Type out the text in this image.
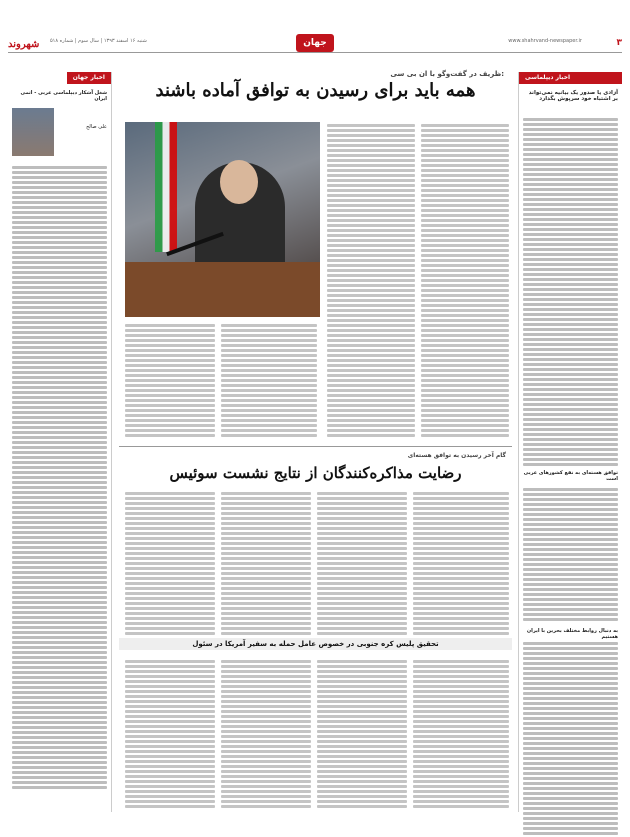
شنبه ۱۶ اسفند ۱۳۹۳ | سال سوم | شماره ۵۱۸	www.shahrvand-newspaper.ir
شهروند	۳
جهان
اخبار جهان
شغل آشکار دیپلماسی عربی - اتمی ایران
علی صالح
اخبار دیپلماسی
آزادی یا صدور یک بیانیه نمی‌تواند بر اشتباه خود سرپوش بگذارد
توافق هسته‌ای به نفع کشورهای عربی است
به دنبال روابط مختلف بحرین با ایران هستیم
ظریف در گفت‌وگو با ان بی سی:
همه باید برای رسیدن به توافق آماده باشند
گام آخر رسیدن به توافق هسته‌ای
رضایت مذاکره‌کنندگان از نتایج نشست سوئیس
تحقیق پلیس کره جنوبی در خصوص عامل حمله به سفیر آمریکا در سئول
